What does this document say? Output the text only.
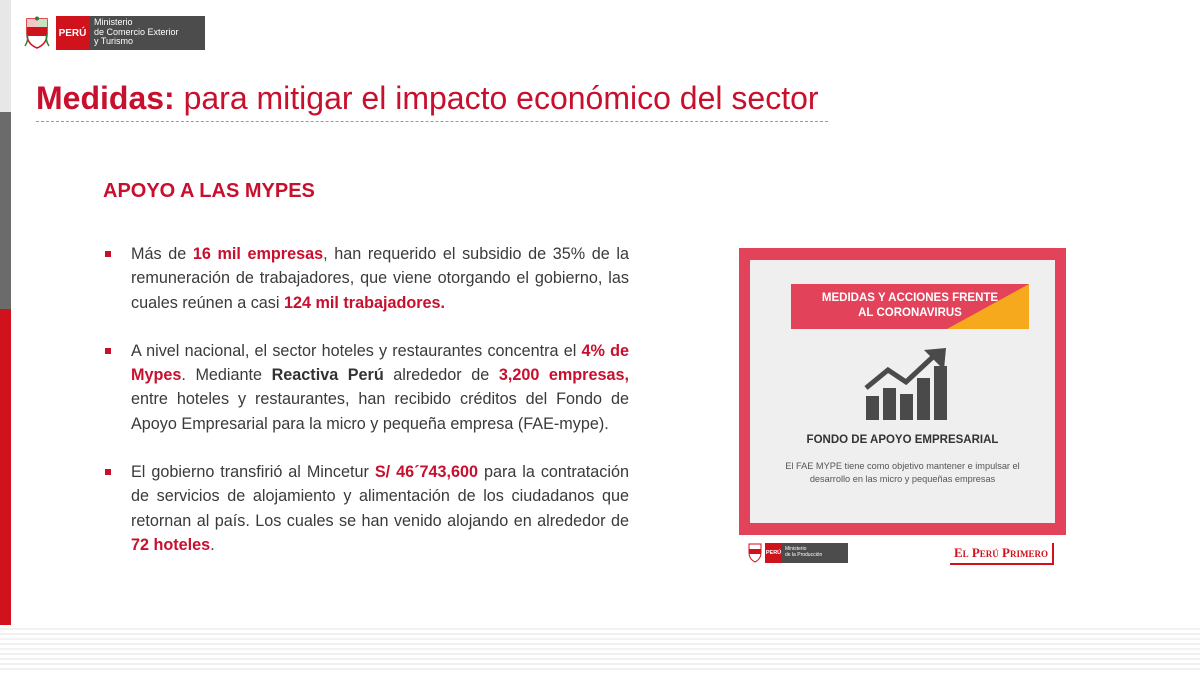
PERÚ
Ministerio
de Comercio Exterior
y Turismo
Medidas: para mitigar el impacto económico del sector
APOYO A LAS MYPES
Más de 16 mil empresas, han requerido el subsidio de 35% de la remuneración de trabajadores, que viene otorgando el gobierno, las cuales reúnen a casi 124 mil trabajadores.
A nivel nacional, el sector hoteles y restaurantes concentra el 4% de Mypes. Mediante Reactiva Perú alrededor de 3,200 empresas, entre hoteles y restaurantes, han recibido créditos del Fondo de Apoyo Empresarial para la micro y pequeña empresa (FAE-mype).
El gobierno transfirió al Mincetur S/ 46´743,600 para la contratación de servicios de alojamiento y alimentación de los ciudadanos que retornan al país. Los cuales se han venido alojando en alrededor de 72 hoteles.
MEDIDAS Y ACCIONES FRENTE
AL CORONAVIRUS
FONDO DE APOYO EMPRESARIAL
El FAE MYPE tiene como objetivo mantener e impulsar el desarrollo en las micro y pequeñas empresas
PERÚ
Ministerio
de la Producción	El Perú Primero
